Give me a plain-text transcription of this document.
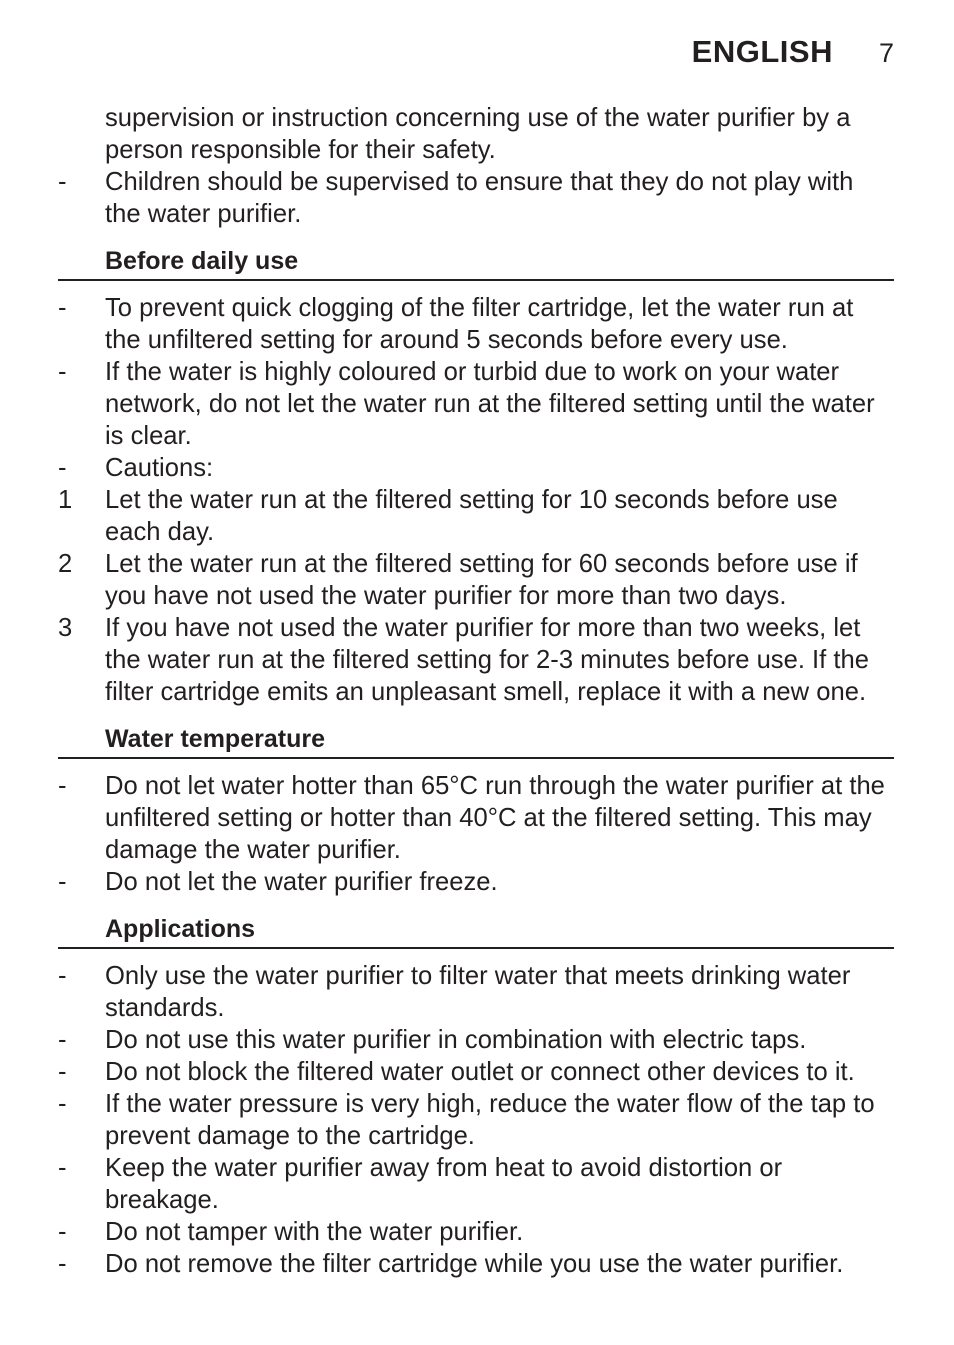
ENGLISH 7
supervision or instruction concerning use of the water purifier by a person responsible for their safety.
- Children should be supervised to ensure that they do not play with the water purifier.
Before daily use
- To prevent quick clogging of the filter cartridge, let the water run at the unfiltered setting for around 5 seconds before every use.
- If the water is highly coloured or turbid due to work on your water network, do not let the water run at the filtered setting until the water is clear.
- Cautions:
1 Let the water run at the filtered setting for 10 seconds before use each day.
2 Let the water run at the filtered setting for 60 seconds before use if you have not used the water purifier for more than two days.
3 If you have not used the water purifier for more than two weeks, let the water run at the filtered setting for 2-3 minutes before use. If the filter cartridge emits an unpleasant smell, replace it with a new one.
Water temperature
- Do not let water hotter than 65°C run through the water purifier at the unfiltered setting or hotter than 40°C at the filtered setting. This may damage the water purifier.
- Do not let the water purifier freeze.
Applications
- Only use the water purifier to filter water that meets drinking water standards.
- Do not use this water purifier in combination with electric taps.
- Do not block the filtered water outlet or connect other devices to it.
- If the water pressure is very high, reduce the water flow of the tap to prevent damage to the cartridge.
- Keep the water purifier away from heat to avoid distortion or breakage.
- Do not tamper with the water purifier.
- Do not remove the filter cartridge while you use the water purifier.
